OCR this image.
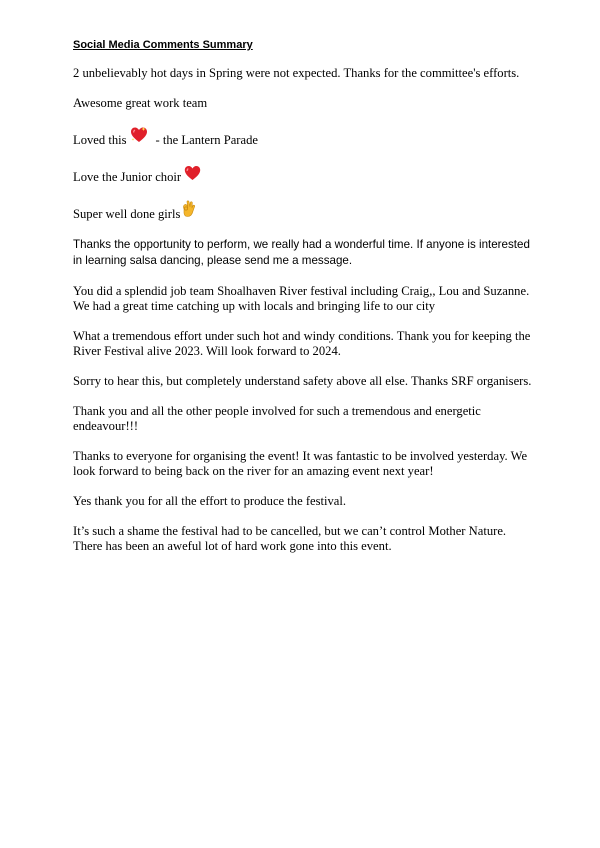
Social Media Comments Summary
2 unbelievably hot days in Spring were not expected. Thanks for the committee's efforts.
Awesome great work team
Loved this - the Lantern Parade
Love the Junior choir
Super well done girls
Thanks the opportunity to perform, we really had a wonderful time. If anyone is interested in learning salsa dancing, please send me a message.
You did a splendid job team Shoalhaven River festival including Craig,, Lou and Suzanne. We had a great time catching up with locals and bringing life to our city
What a tremendous effort under such hot and windy conditions. Thank you for keeping the River Festival alive 2023. Will look forward to 2024.
Sorry to hear this, but completely understand safety above all else. Thanks SRF organisers.
Thank you and all the other people involved for such a tremendous and energetic endeavour!!!
Thanks to everyone for organising the event! It was fantastic to be involved yesterday. We look forward to being back on the river for an amazing event next year!
Yes thank you for all the effort to produce the festival.
It’s such a shame the festival had to be cancelled, but we can’t control Mother Nature. There has been an aweful lot of hard work gone into this event.
